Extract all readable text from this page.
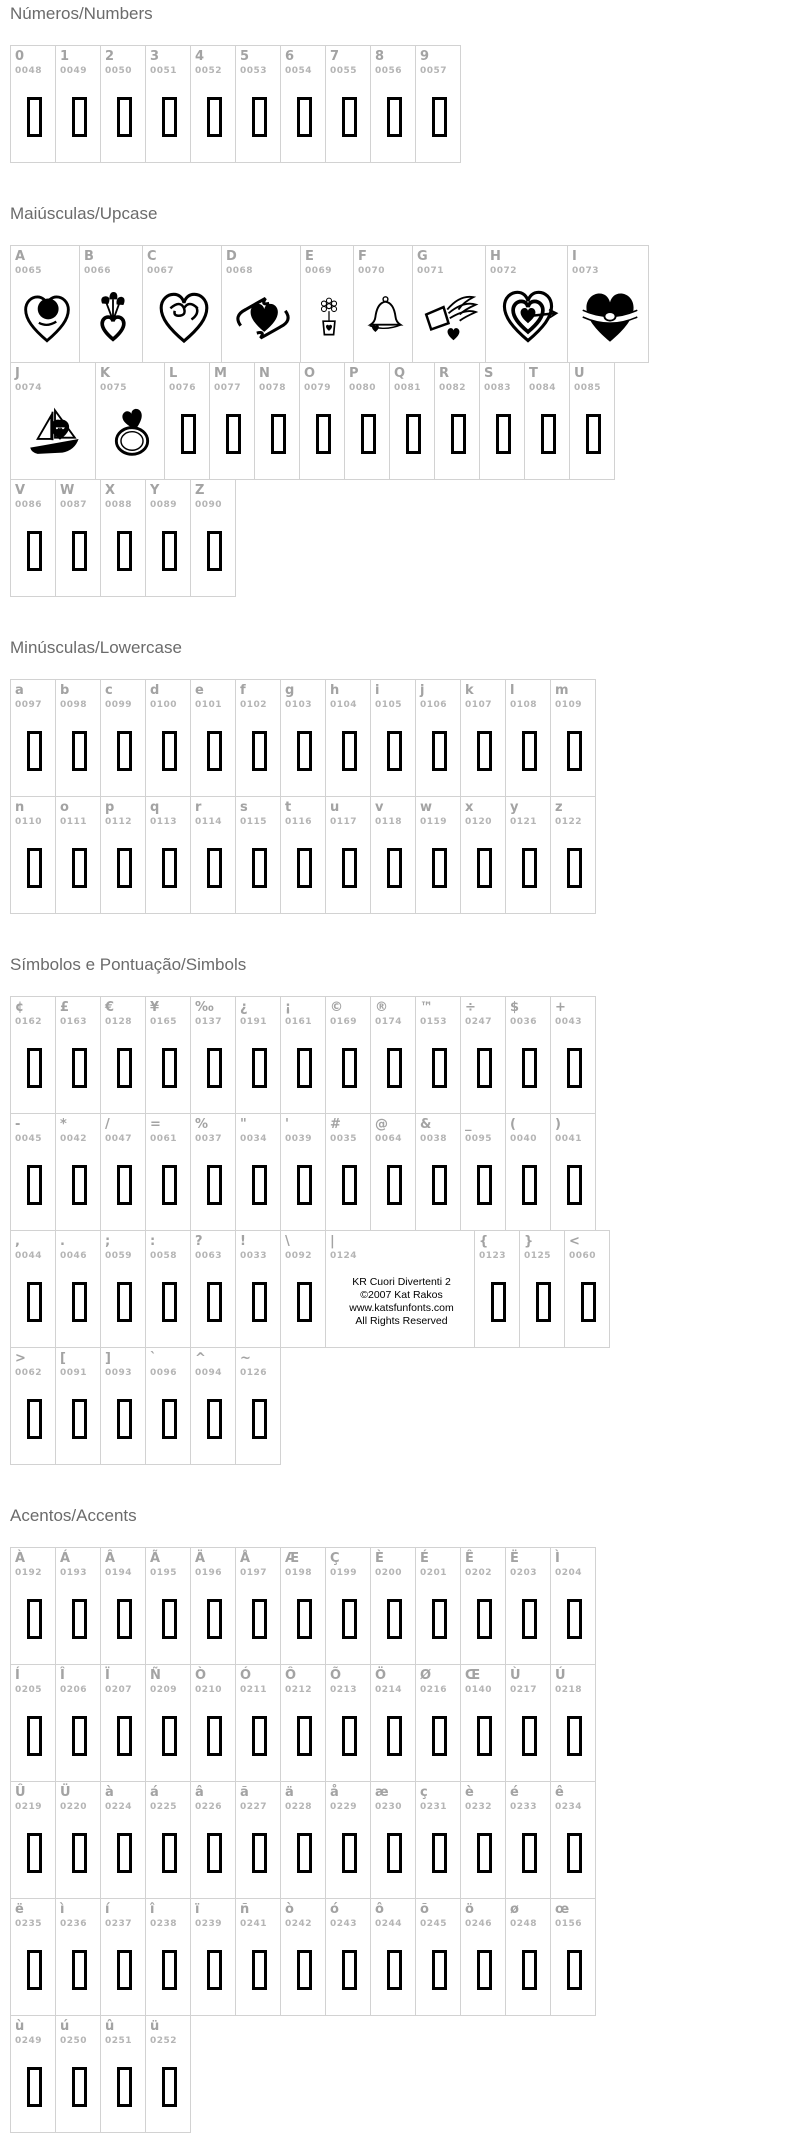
Números/Numbers
0
0048
1
0049
2
0050
3
0051
4
0052
5
0053
6
0054
7
0055
8
0056
9
0057
Maiúsculas/Upcase
A
0065
B
0066
C
0067
D
0068
E
0069
F
0070
G
0071
H
0072
I
0073
J
0074
K
0075
L
0076
M
0077
N
0078
O
0079
P
0080
Q
0081
R
0082
S
0083
T
0084
U
0085
V
0086
W
0087
X
0088
Y
0089
Z
0090
Minúsculas/Lowercase
a
0097
b
0098
c
0099
d
0100
e
0101
f
0102
g
0103
h
0104
i
0105
j
0106
k
0107
l
0108
m
0109
n
0110
o
0111
p
0112
q
0113
r
0114
s
0115
t
0116
u
0117
v
0118
w
0119
x
0120
y
0121
z
0122
Símbolos e Pontuação/Simbols
¢
0162
£
0163
€
0128
¥
0165
‰
0137
¿
0191
¡
0161
©
0169
®
0174
™
0153
÷
0247
$
0036
+
0043
-
0045
*
0042
/
0047
=
0061
%
0037
"
0034
'
0039
#
0035
@
0064
&
0038
_
0095
(
0040
)
0041
,
0044
.
0046
;
0059
:
0058
?
0063
!
0033
\
0092
|
0124
KR Cuori Divertenti 2
©2007 Kat Rakos
www.katsfunfonts.com
All Rights Reserved
{
0123
}
0125
<
0060
>
0062
[
0091
]
0093
`
0096
^
0094
~
0126
Acentos/Accents
À
0192
Á
0193
Â
0194
Ã
0195
Ä
0196
Å
0197
Æ
0198
Ç
0199
È
0200
É
0201
Ê
0202
Ë
0203
Ì
0204
Í
0205
Î
0206
Ï
0207
Ñ
0209
Ò
0210
Ó
0211
Ô
0212
Õ
0213
Ö
0214
Ø
0216
Œ
0140
Ù
0217
Ú
0218
Û
0219
Ü
0220
à
0224
á
0225
â
0226
ã
0227
ä
0228
å
0229
æ
0230
ç
0231
è
0232
é
0233
ê
0234
ë
0235
ì
0236
í
0237
î
0238
ï
0239
ñ
0241
ò
0242
ó
0243
ô
0244
õ
0245
ö
0246
ø
0248
œ
0156
ù
0249
ú
0250
û
0251
ü
0252
